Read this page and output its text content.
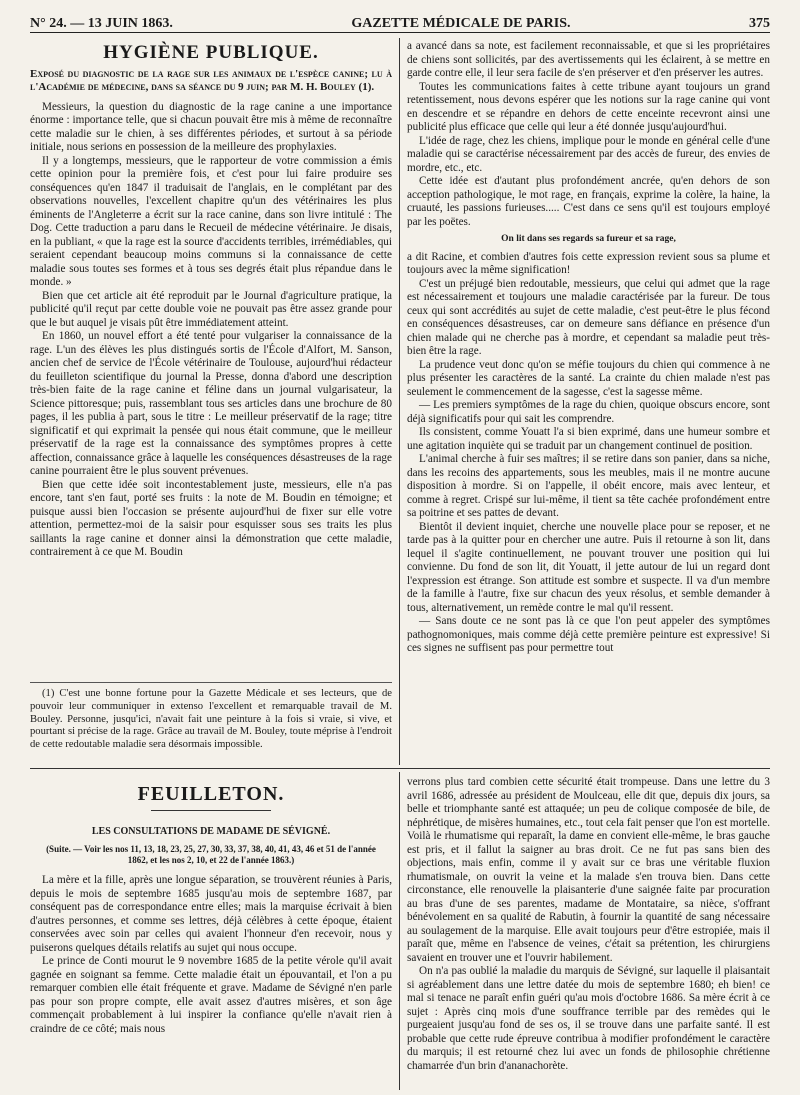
N° 24. — 13 JUIN 1863.	GAZETTE MÉDICALE DE PARIS.	375
HYGIÈNE PUBLIQUE.

Exposé du diagnostic de la rage sur les animaux de l'espèce canine; lu à l'Académie de médecine, dans sa séance du 9 juin; par M. H. Bouley (1).

Messieurs, la question du diagnostic de la rage canine a une importance énorme : importance telle, que si chacun pouvait être mis à même de reconnaître cette maladie sur le chien, à ses différentes périodes, et surtout à sa période initiale, nous serions en possession de la meilleure des prophylaxies.

Il y a longtemps, messieurs, que le rapporteur de votre commission a émis cette opinion pour la première fois, et c'est pour lui faire produire ses conséquences qu'en 1847 il traduisait de l'anglais, en le complétant par des observations nouvelles, l'excellent chapitre qu'un des vétérinaires les plus éminents de l'Angleterre a écrit sur la race canine, dans son livre intitulé : The Dog. Cette traduction a paru dans le Recueil de médecine vétérinaire. Je disais, en la publiant, « que la rage est la source d'accidents terribles, irrémédiables, qui seraient cependant beaucoup moins communs si la connaissance de cette maladie sous toutes ses formes et à tous ses degrés était plus répandue dans le monde. »

Bien que cet article ait été reproduit par le Journal d'agriculture pratique, la publicité qu'il reçut par cette double voie ne pouvait pas être assez grande pour que le but auquel je visais pût être immédiatement atteint.

En 1860, un nouvel effort a été tenté pour vulgariser la connaissance de la rage. L'un des élèves les plus distingués sortis de l'École d'Alfort, M. Sanson, ancien chef de service de l'École vétérinaire de Toulouse, aujourd'hui rédacteur du feuilleton scientifique du journal la Presse, donna d'abord une description très-bien faite de la rage canine et féline dans un journal vulgarisateur, la Science pittoresque; puis, rassemblant tous ses articles dans une brochure de 80 pages, il les publia à part, sous le titre : Le meilleur préservatif de la rage; titre significatif et qui exprimait la pensée qui nous était commune, que le meilleur préservatif de la rage est la connaissance des symptômes propres à cette affection, connaissance grâce à laquelle les conséquences désastreuses de la rage canine pourraient être le plus souvent prévenues.

Bien que cette idée soit incontestablement juste, messieurs, elle n'a pas encore, tant s'en faut, porté ses fruits : la note de M. Boudin en témoigne; et puisque aussi bien l'occasion se présente aujourd'hui de fixer sur elle votre attention, permettez-moi de la saisir pour esquisser sous ses traits les plus saillants la rage canine et donner ainsi la démonstration que cette maladie, contrairement à ce que M. Boudin

(1) C'est une bonne fortune pour la Gazette Médicale et ses lecteurs, que de pouvoir leur communiquer in extenso l'excellent et remarquable travail de M. Bouley. Personne, jusqu'ici, n'avait fait une peinture à la fois si vraie, si vive, et pourtant si précise de la rage. Grâce au travail de M. Bouley, toute méprise à l'endroit de cette redoutable maladie sera désormais impossible.

a avancé dans sa note, est facilement reconnaissable, et que si les propriétaires de chiens sont sollicités, par des avertissements qui les éclairent, à se mettre en garde contre elle, il leur sera facile de s'en préserver et d'en préserver les autres.

Toutes les communications faites à cette tribune ayant toujours un grand retentissement, nous devons espérer que les notions sur la rage canine qui vont en descendre et se répandre en dehors de cette enceinte recevront ainsi une publicité plus efficace que celle qui leur a été donnée jusqu'aujourd'hui.

L'idée de rage, chez les chiens, implique pour le monde en général celle d'une maladie qui se caractérise nécessairement par des accès de fureur, des envies de mordre, etc., etc.

Cette idée est d'autant plus profondément ancrée, qu'en dehors de son acception pathologique, le mot rage, en français, exprime la colère, la haine, la cruauté, les passions furieuses..... C'est dans ce sens qu'il est toujours employé par les poëtes.

On lit dans ses regards sa fureur et sa rage,

a dit Racine, et combien d'autres fois cette expression revient sous sa plume et toujours avec la même signification!

C'est un préjugé bien redoutable, messieurs, que celui qui admet que la rage est nécessairement et toujours une maladie caractérisée par la fureur. De tous ceux qui sont accrédités au sujet de cette maladie, c'est peut-être le plus fécond en conséquences désastreuses, car on demeure sans défiance en présence d'un chien malade qui ne cherche pas à mordre, et cependant sa maladie peut très-bien être la rage.

La prudence veut donc qu'on se méfie toujours du chien qui commence à ne plus présenter les caractères de la santé. La crainte du chien malade n'est pas seulement le commencement de la sagesse, c'est la sagesse même.

— Les premiers symptômes de la rage du chien, quoique obscurs encore, sont déjà significatifs pour qui sait les comprendre.

Ils consistent, comme Youatt l'a si bien exprimé, dans une humeur sombre et une agitation inquiète qui se traduit par un changement continuel de position.

L'animal cherche à fuir ses maîtres; il se retire dans son panier, dans sa niche, dans les recoins des appartements, sous les meubles, mais il ne montre aucune disposition à mordre. Si on l'appelle, il obéit encore, mais avec lenteur, et comme à regret. Crispé sur lui-même, il tient sa tête cachée profondément entre sa poitrine et ses pattes de devant.

Bientôt il devient inquiet, cherche une nouvelle place pour se reposer, et ne tarde pas à la quitter pour en chercher une autre. Puis il retourne à son lit, dans lequel il s'agite continuellement, ne pouvant trouver une position qui lui convienne. Du fond de son lit, dit Youatt, il jette autour de lui un regard dont l'expression est étrange. Son attitude est sombre et suspecte. Il va d'un membre de la famille à l'autre, fixe sur chacun des yeux résolus, et semble demander à tous, alternativement, un remède contre le mal qu'il ressent.

— Sans doute ce ne sont pas là ce que l'on peut appeler des symptômes pathognomoniques, mais comme déjà cette première peinture est expressive! Si ces signes ne suffisent pas pour permettre tout

FEUILLETON.
LES CONSULTATIONS DE MADAME DE SÉVIGNÉ.
(Suite. — Voir les nos 11, 13, 18, 23, 25, 27, 30, 33, 37, 38, 40, 41, 43, 46 et 51 de l'année 1862, et les nos 2, 10, et 22 de l'année 1863.)

La mère et la fille, après une longue séparation, se trouvèrent réunies à Paris, depuis le mois de septembre 1685 jusqu'au mois de septembre 1687, par conséquent pas de correspondance entre elles; mais la marquise écrivait à bien d'autres personnes, et comme ses lettres, déjà célèbres à cette époque, étaient conservées avec soin par celles qui avaient l'honneur d'en recevoir, nous y puiserons quelques détails relatifs au sujet qui nous occupe.

Le prince de Conti mourut le 9 novembre 1685 de la petite vérole qu'il avait gagnée en soignant sa femme. Cette maladie était un épouvantail, et l'on a pu remarquer combien elle était fréquente et grave. Madame de Sévigné n'en parle pas pour son propre compte, elle avait assez d'autres misères, et son âge commençait probablement à lui inspirer la confiance qu'elle n'avait rien à craindre de ce côté; mais nous

verrons plus tard combien cette sécurité était trompeuse. Dans une lettre du 3 avril 1686, adressée au président de Moulceau, elle dit que, depuis dix jours, sa belle et triomphante santé est attaquée; un peu de colique composée de bile, de néphrétique, de misères humaines, etc., tout cela fait penser que l'on est mortelle. Voilà le rhumatisme qui reparaît, la dame en convient elle-même, le bras gauche est pris, et il fallut la saigner au bras droit. Ce ne fut pas sans bien des objections, mais enfin, comme il y avait sur ce bras une véritable fluxion rhumatismale, on ouvrit la veine et la malade s'en trouva bien. Dans cette circonstance, elle renouvelle la plaisanterie d'une saignée faite par procuration au bras d'une de ses parentes, madame de Montataire, sa nièce, s'offrant bénévolement en sa qualité de Rabutin, à fournir la quantité de sang nécessaire au soulagement de la marquise. Elle avait toujours peur d'être estropiée, mais il paraît que, même en l'absence de veines, c'était sa prétention, les chirurgiens savaient en trouver une et l'ouvrir habilement.

On n'a pas oublié la maladie du marquis de Sévigné, sur laquelle il plaisantait si agréablement dans une lettre datée du mois de septembre 1680; eh bien! ce mal si tenace ne paraît enfin guéri qu'au mois d'octobre 1686. Sa mère écrit à ce sujet : Après cinq mois d'une souffrance terrible par des remèdes qui le purgeaient jusqu'au fond de ses os, il se trouve dans une parfaite santé. Il est probable que cette rude épreuve contribua à modifier profondément le caractère du marquis; il est retourné chez lui avec un fonds de philosophie chrétienne chamarrée d'un brin d'ananachorète.
